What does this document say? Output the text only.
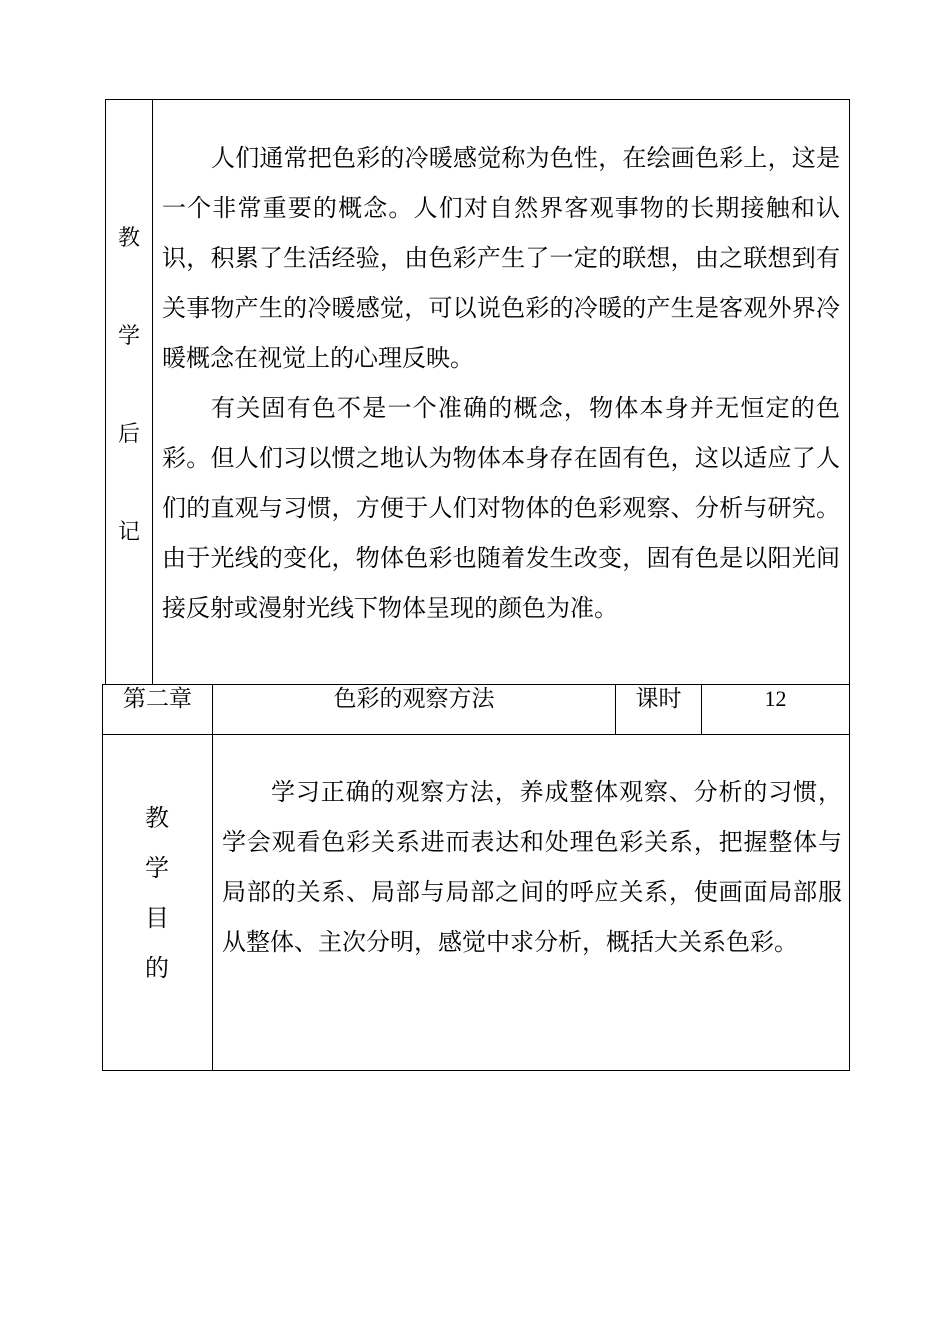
教
学
后
记

人们通常把色彩的冷暖感觉称为色性，在绘画色彩上，这是一个非常重要的概念。人们对自然界客观事物的长期接触和认识，积累了生活经验，由色彩产生了一定的联想，由之联想到有关事物产生的冷暖感觉，可以说色彩的冷暖的产生是客观外界冷暖概念在视觉上的心理反映。

有关固有色不是一个准确的概念，物体本身并无恒定的色彩。但人们习以惯之地认为物体本身存在固有色，这以适应了人们的直观与习惯，方便于人们对物体的色彩观察、分析与研究。由于光线的变化，物体色彩也随着发生改变，固有色是以阳光间接反射或漫射光线下物体呈现的颜色为准。

第二章	色彩的观察方法	课时	12
教
学
目
的

学习正确的观察方法，养成整体观察、分析的习惯，学会观看色彩关系进而表达和处理色彩关系，把握整体与局部的关系、局部与局部之间的呼应关系，使画面局部服从整体、主次分明，感觉中求分析，概括大关系色彩。
